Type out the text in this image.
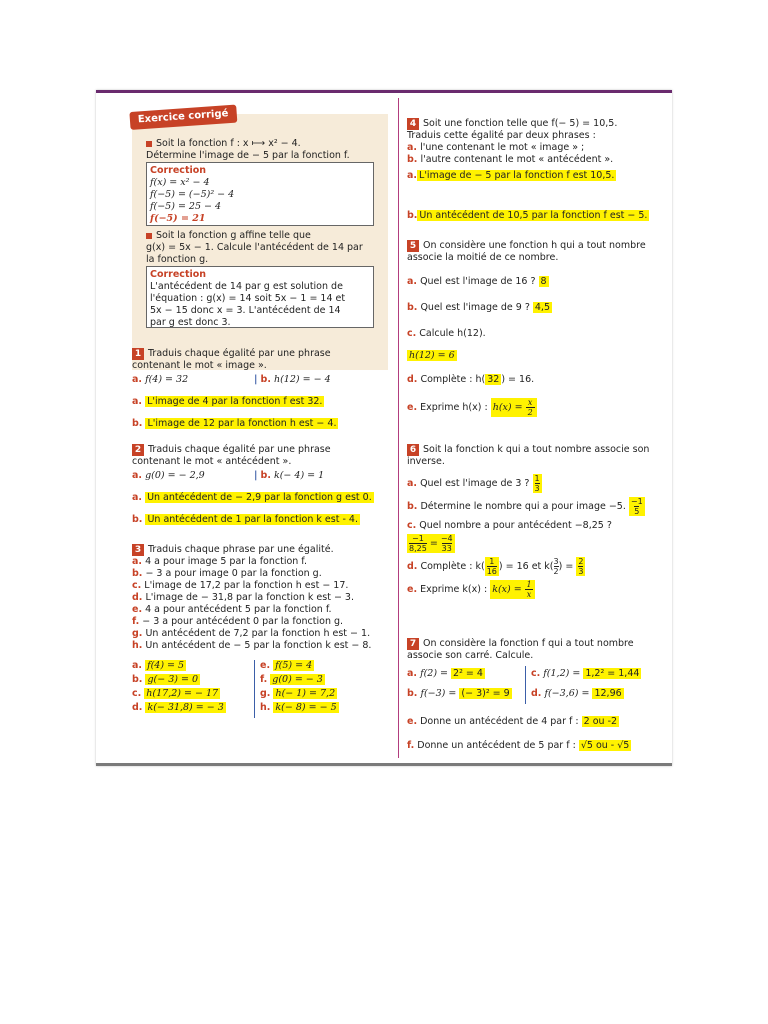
Exercice corrigé
Soit la fonction f : x ⟼ x² − 4.
Détermine l'image de − 5 par la fonction f.
Correction
f(x) = x² − 4
f(−5) = (−5)² − 4
f(−5) = 25 − 4
f(−5) = 21
Soit la fonction g affine telle que
g(x) = 5x − 1. Calcule l'antécédent de 14 par
la fonction g.
Correction
L'antécédent de 14 par g est solution de
l'équation : g(x) = 14 soit 5x − 1 = 14 et
5x − 15 donc x = 3. L'antécédent de 14
par g est donc 3.
1 Traduis chaque égalité par une phrase
contenant le mot « image ».
a. f(4) = 32	| b. h(12) = − 4
a. L'image de 4 par la fonction f est 32.
b. L'image de 12 par la fonction h est − 4.
2 Traduis chaque égalité par une phrase
contenant le mot « antécédent ».
a. g(0) = − 2,9	| b. k(− 4) = 1
a. Un antécédent de − 2,9 par la fonction g est 0.
b. Un antécédent de 1 par la fonction k est - 4.
3 Traduis chaque phrase par une égalité.
a. 4 a pour image 5 par la fonction f.
b. − 3 a pour image 0 par la fonction g.
c. L'image de 17,2 par la fonction h est − 17.
d. L'image de − 31,8 par la fonction k est − 3.
e. 4 a pour antécédent 5 par la fonction f.
f. − 3 a pour antécédent 0 par la fonction g.
g. Un antécédent de 7,2 par la fonction h est − 1.
h. Un antécédent de − 5 par la fonction k est − 8.
a. f(4) = 5
b. g(− 3) = 0
c. h(17,2) = − 17
d. k(− 31,8) = − 3
e. f(5) = 4
f. g(0) = − 3
g. h(− 1) = 7,2
h. k(− 8) = − 5
4 Soit une fonction telle que f(− 5) = 10,5.
Traduis cette égalité par deux phrases :
a. l'une contenant le mot « image » ;
b. l'autre contenant le mot « antécédent ».
a. L'image de − 5 par la fonction f est 10,5.
b. Un antécédent de 10,5 par la fonction f est − 5.
5 On considère une fonction h qui a tout nombre
associe la moitié de ce nombre.
a. Quel est l'image de 16 ? 8
b. Quel est l'image de 9 ? 4,5
c. Calcule h(12).
h(12) = 6
d. Complète : h( 32 ) = 16.
e.
Exprime h(x) :
h(x) =
$\frac{x}{2}$
6 Soit la fonction k qui a tout nombre associe son
inverse.
a.
Quel est l'image de 3 ?
1
3
b.
Détermine le nombre qui a pour image −5.
−1
5
c. Quel nombre a pour antécédent −8,25 ?
$\frac{-1}{8,25}$
=
$\frac{-4}{33}$
d.
Complète : k( 1
16 ) = 16 et k( 3
2 ) =
$\frac{2}{3}$
e.
Exprime k(x) :
k(x) =
$\frac{1}{x}$
7 On considère la fonction f qui a tout nombre
associe son carré. Calcule.
a. f(2) = 2² = 4
b. f(−3) = (− 3)² = 9
c. f(1,2) = 1,2² = 1,44
d. f(−3,6) = 12,96
e. Donne un antécédent de 4 par f : 2 ou -2
f. Donne un antécédent de 5 par f : √5 ou - √5
